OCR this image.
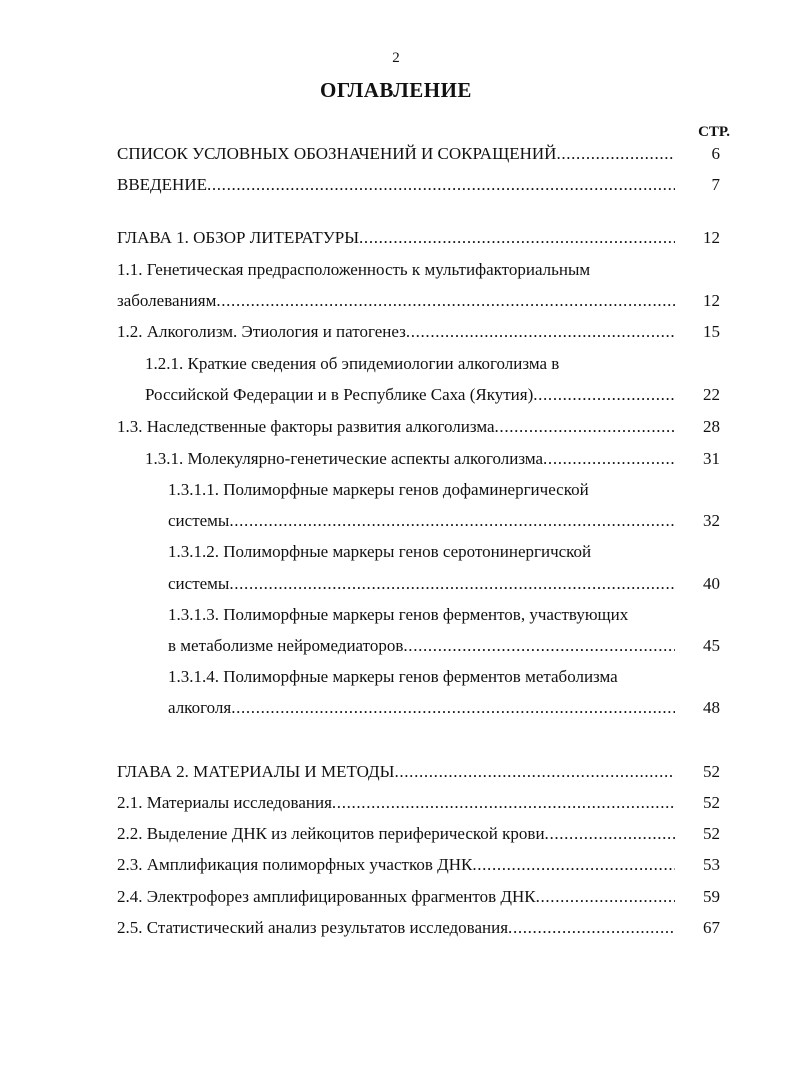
2
ОГЛАВЛЕНИЕ
СТР.
СПИСОК УСЛОВНЫХ ОБОЗНАЧЕНИЙ И СОКРАЩЕНИЙ . . .	6
ВВЕДЕНИЕ . . .	7
ГЛАВА 1. ОБЗОР ЛИТЕРАТУРЫ . . .	12
1.1. Генетическая предрасположенность к мультифакториальным
заболеваниям . . .	12
1.2. Алкоголизм. Этиология и патогенез . . .	15
1.2.1. Краткие сведения об эпидемиологии алкоголизма в
Российской Федерации и в Республике Саха (Якутия) . . .	22
1.3. Наследственные факторы развития алкоголизма . . .	28
1.3.1. Молекулярно-генетические аспекты алкоголизма . . .	31
1.3.1.1. Полиморфные маркеры генов дофаминергической
системы . . .	32
1.3.1.2. Полиморфные маркеры генов серотонинергичской
системы . . .	40
1.3.1.3. Полиморфные маркеры генов ферментов, участвующих
в метаболизме нейромедиаторов . . .	45
1.3.1.4. Полиморфные маркеры генов ферментов метаболизма
алкоголя . . .	48
ГЛАВА 2. МАТЕРИАЛЫ И МЕТОДЫ . . .	52
2.1. Материалы исследования . . .	52
2.2. Выделение ДНК из лейкоцитов периферической крови . . .	52
2.3. Амплификация полиморфных участков ДНК . . .	53
2.4. Электрофорез амплифицированных фрагментов ДНК . . .	59
2.5. Статистический анализ результатов исследования . . .	67
